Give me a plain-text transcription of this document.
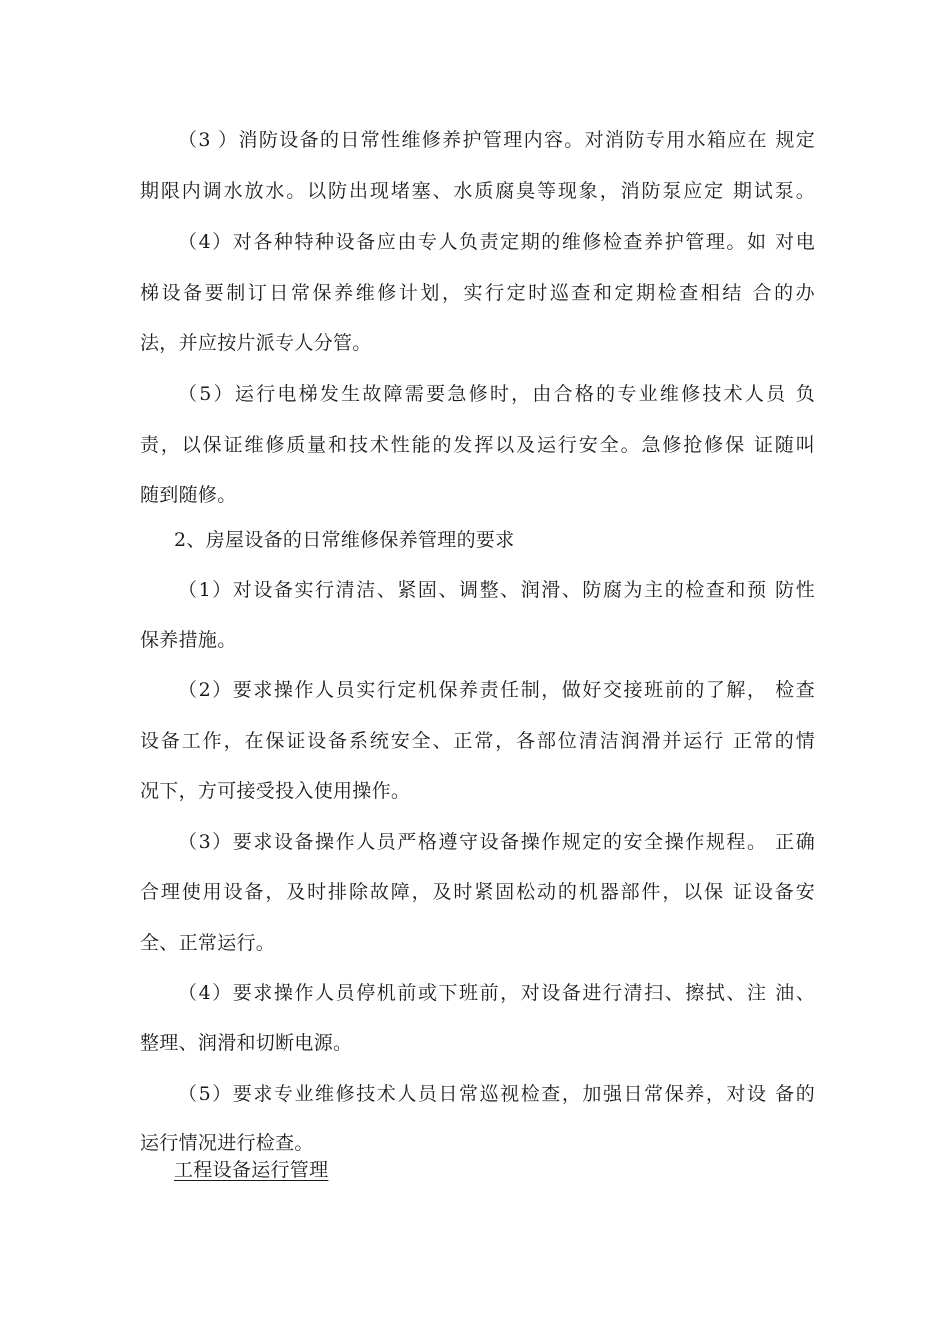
（3 ）消防设备的日常性维修养护管理内容。对消防专用水箱应在 规定
期限内调水放水。以防出现堵塞、水质腐臭等现象，消防泵应定 期试泵。
（4）对各种特种设备应由专人负责定期的维修检查养护管理。如 对电
梯设备要制订日常保养维修计划，实行定时巡查和定期检查相结 合的办
法，并应按片派专人分管。
（5）运行电梯发生故障需要急修时，由合格的专业维修技术人员 负
责，以保证维修质量和技术性能的发挥以及运行安全。急修抢修保 证随叫
随到随修。
2、房屋设备的日常维修保养管理的要求
（1）对设备实行清洁、紧固、调整、润滑、防腐为主的检查和预 防性
保养措施。
（2）要求操作人员实行定机保养责任制，做好交接班前的了解， 检查
设备工作，在保证设备系统安全、正常，各部位清洁润滑并运行 正常的情
况下，方可接受投入使用操作。
（3）要求设备操作人员严格遵守设备操作规定的安全操作规程。 正确
合理使用设备，及时排除故障，及时紧固松动的机器部件，以保 证设备安
全、正常运行。
（4）要求操作人员停机前或下班前，对设备进行清扫、擦拭、注 油、
整理、润滑和切断电源。
（5）要求专业维修技术人员日常巡视检查，加强日常保养，对设 备的
运行情况进行检查。
工程设备运行管理
